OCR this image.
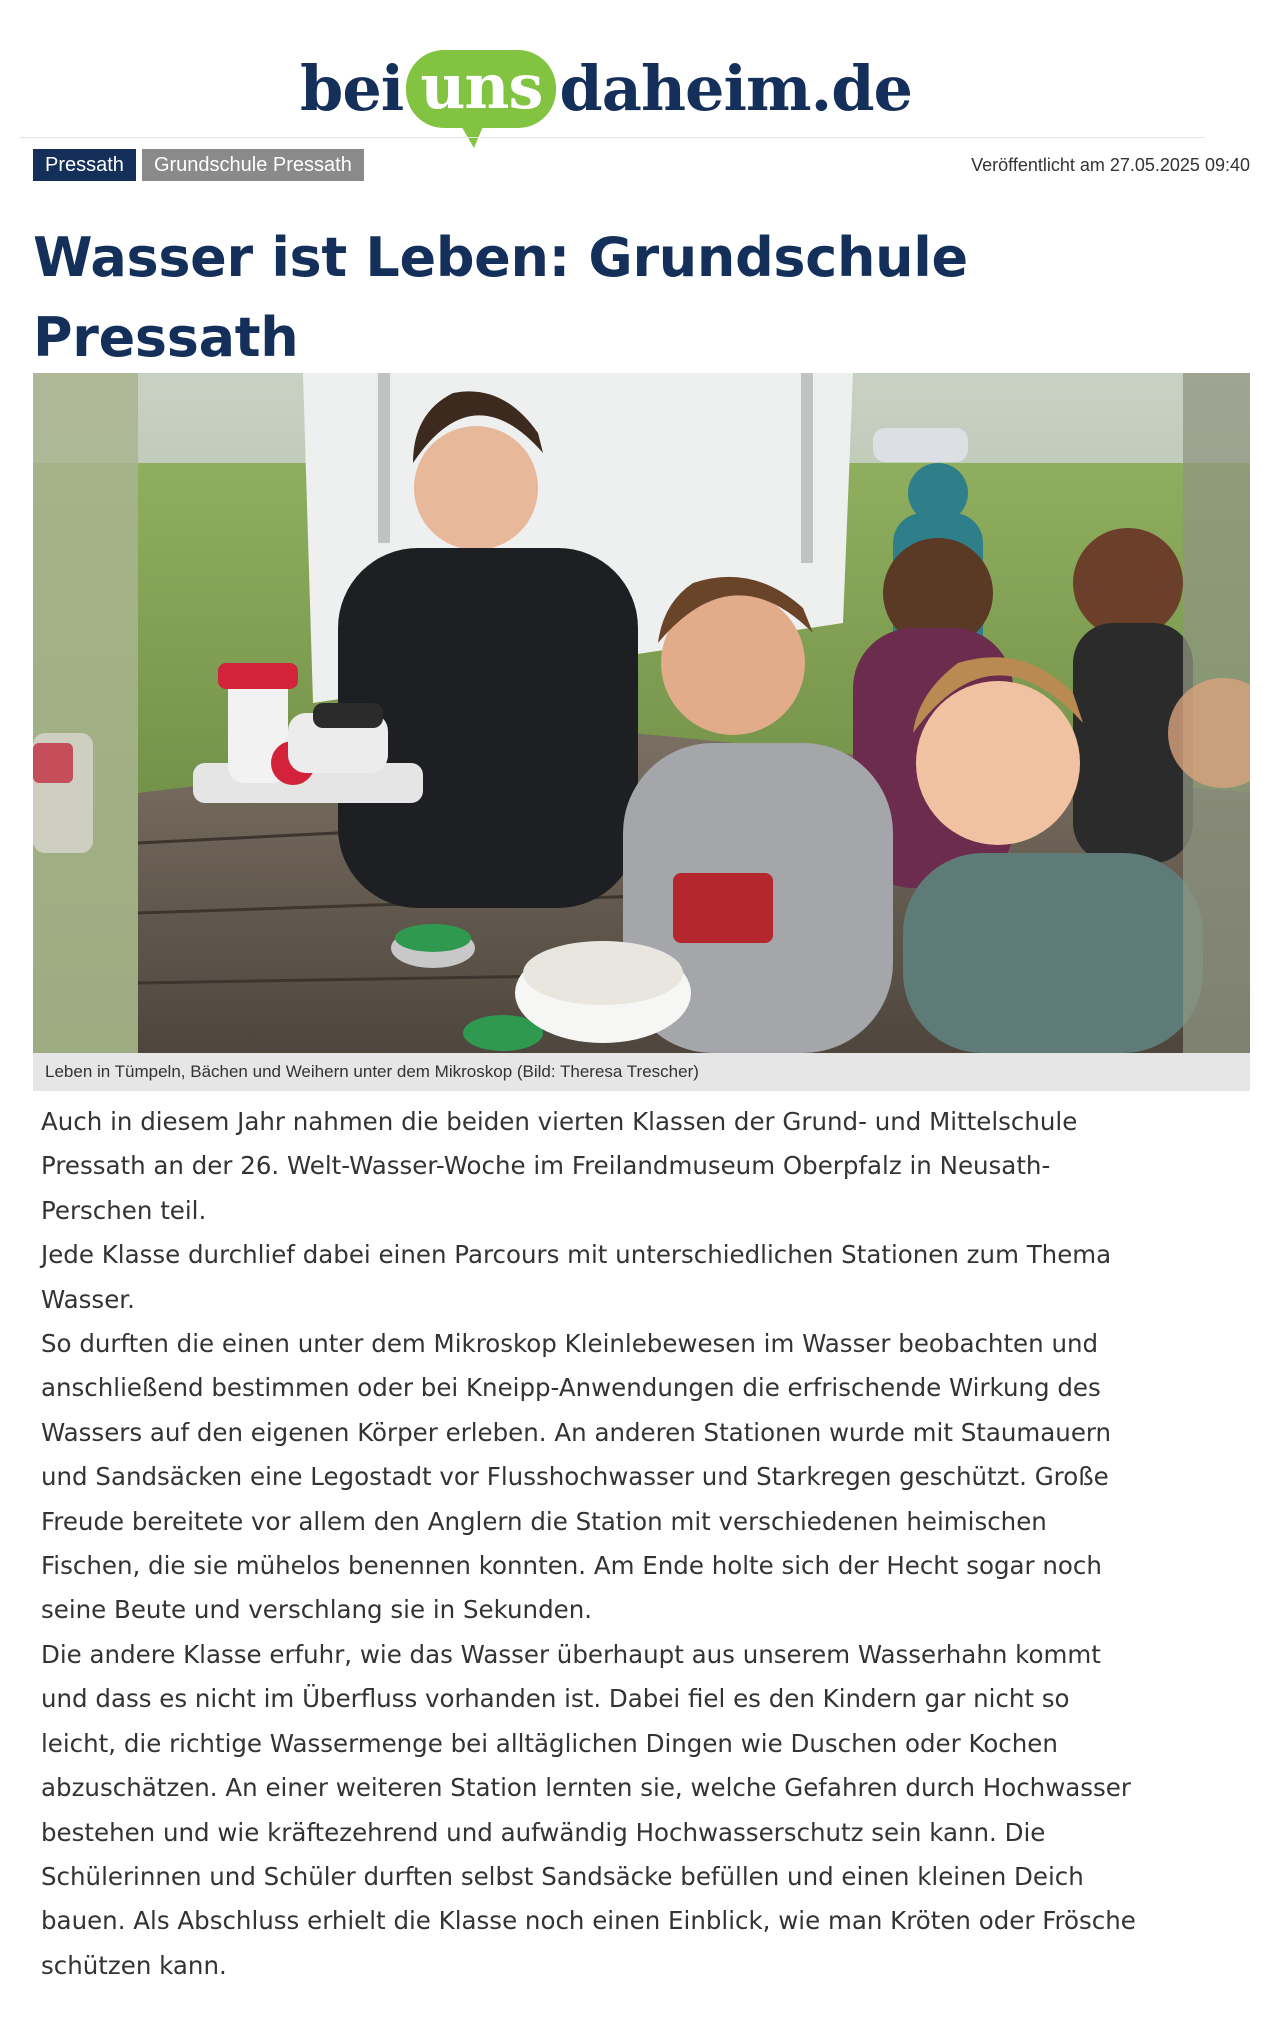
bei uns daheim.de
Pressath	Grundschule Pressath	Veröffentlicht am 27.05.2025 09:40
Wasser ist Leben: Grundschule Pressath

Leben in Tümpeln, Bächen und Weihern unter dem Mikroskop (Bild: Theresa Trescher)

Auch in diesem Jahr nahmen die beiden vierten Klassen der Grund- und Mittelschule Pressath an der 26. Welt-Wasser-Woche im Freilandmuseum Oberpfalz in Neusath-Perschen teil.

Jede Klasse durchlief dabei einen Parcours mit unterschiedlichen Stationen zum Thema Wasser.

So durften die einen unter dem Mikroskop Kleinlebewesen im Wasser beobachten und anschließend bestimmen oder bei Kneipp-Anwendungen die erfrischende Wirkung des Wassers auf den eigenen Körper erleben. An anderen Stationen wurde mit Staumauern und Sandsäcken eine Legostadt vor Flusshochwasser und Starkregen geschützt. Große Freude bereitete vor allem den Anglern die Station mit verschiedenen heimischen Fischen, die sie mühelos benennen konnten. Am Ende holte sich der Hecht sogar noch seine Beute und verschlang sie in Sekunden.

Die andere Klasse erfuhr, wie das Wasser überhaupt aus unserem Wasserhahn kommt und dass es nicht im Überfluss vorhanden ist. Dabei fiel es den Kindern gar nicht so leicht, die richtige Wassermenge bei alltäglichen Dingen wie Duschen oder Kochen abzuschätzen. An einer weiteren Station lernten sie, welche Gefahren durch Hochwasser bestehen und wie kräftezehrend und aufwändig Hochwasserschutz sein kann. Die Schülerinnen und Schüler durften selbst Sandsäcke befüllen und einen kleinen Deich bauen. Als Abschluss erhielt die Klasse noch einen Einblick, wie man Kröten oder Frösche schützen kann.
